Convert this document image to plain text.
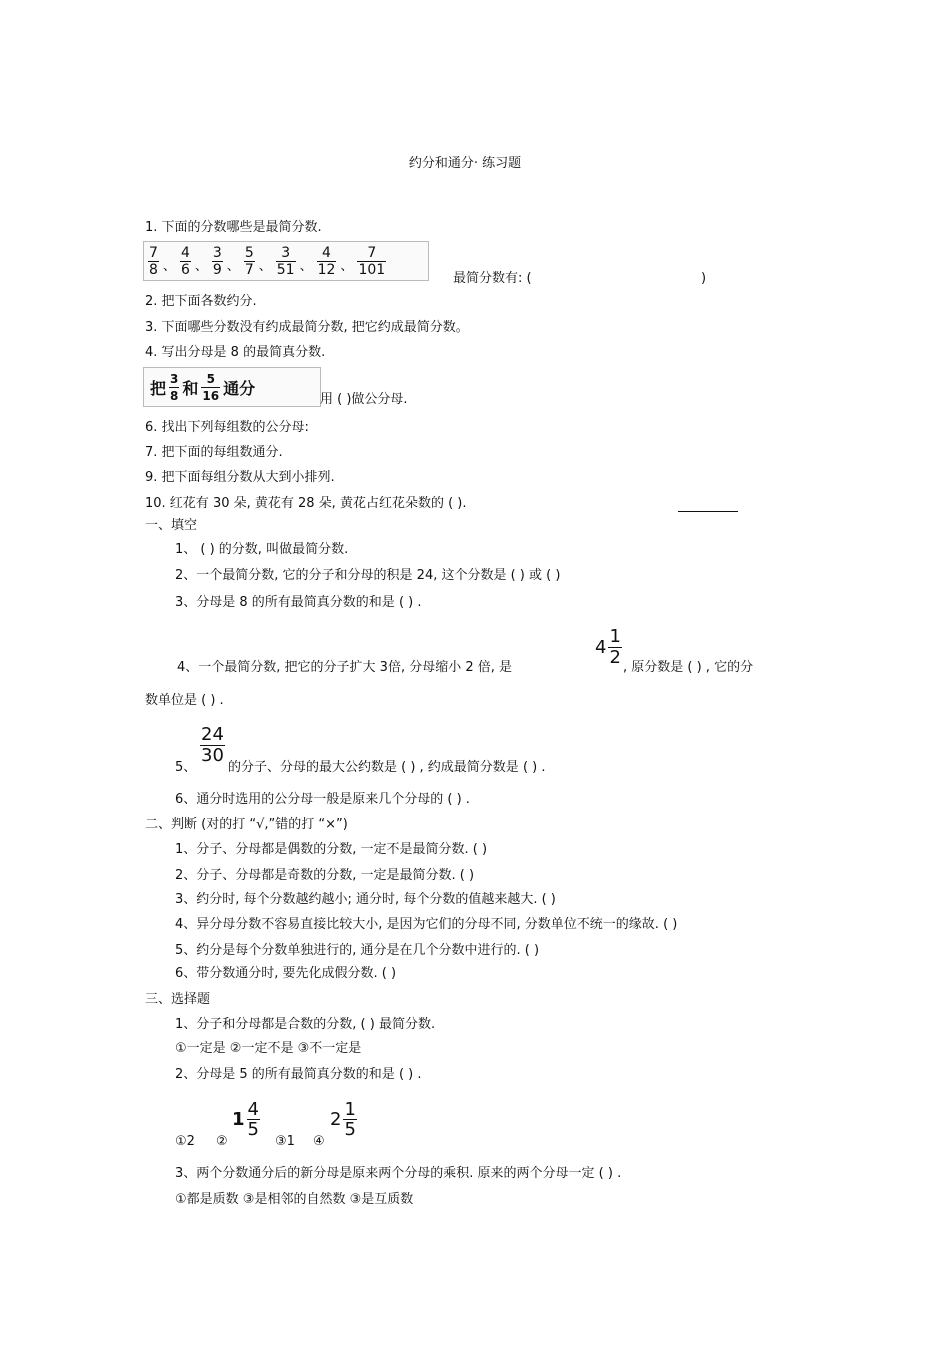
约分和通分· 练习题
1. 下面的分数哪些是最简分数.
$\frac{7}{8}$ 、 $\frac{4}{6}$ 、 $\frac{3}{9}$ 、 $\frac{5}{7}$ 、 $\frac{3}{51}$ 、 $\frac{4}{12}$ 、 $\frac{7}{101}$
最简分数有: (	)
2. 把下面各数约分.
3. 下面哪些分数没有约成最简分数, 把它约成最简分数。
4. 写出分母是 8 的最简真分数.
把 $\frac{3}{8}$ 和 $\frac{5}{16}$ 通分
用 ( )做公分母.
6. 找出下列每组数的公分母:
7. 把下面的每组数通分.
9. 把下面每组分数从大到小排列.
10. 红花有 30 朵, 黄花有 28 朵, 黄花占红花朵数的 ( ).
一、填空
1、 ( ) 的分数, 叫做最简分数.
2、一个最简分数, 它的分子和分母的积是 24, 这个分数是 ( ) 或 ( )
3、分母是 8 的所有最简真分数的和是 ( ) .
4、一个最简分数, 把它的分子扩大 3倍, 分母缩小 2 倍, 是
$4 \frac{1}{2}$ , 原分数是 ( ) , 它的分
数单位是 ( ) .
5、
$\frac{24}{30}$
的分子、分母的最大公约数是 ( ) , 约成最简分数是 ( ) .
6、通分时选用的公分母一般是原来几个分母的 ( ) .
二、判断 (对的打 “√,”错的打 “×”)
1、分子、分母都是偶数的分数, 一定不是最简分数. ( )
2、分子、分母都是奇数的分数, 一定是最简分数. ( )
3、约分时, 每个分数越约越小; 通分时, 每个分数的值越来越大. ( )
4、异分母分数不容易直接比较大小, 是因为它们的分母不同, 分数单位不统一的缘故. ( )
5、约分是每个分数单独进行的, 通分是在几个分数中进行的. ( )
6、带分数通分时, 要先化成假分数. ( )
三、选择题
1、分子和分母都是合数的分数, ( ) 最简分数.
①一定是 ②一定不是 ③不一定是
2、分母是 5 的所有最简真分数的和是 ( ) .
①2 ②
$1 \frac{4}{5}$
③1 ④
$2 \frac{1}{5}$
3、两个分数通分后的新分母是原来两个分母的乘积. 原来的两个分母一定 ( ) .
①都是质数 ③是相邻的自然数 ③是互质数
